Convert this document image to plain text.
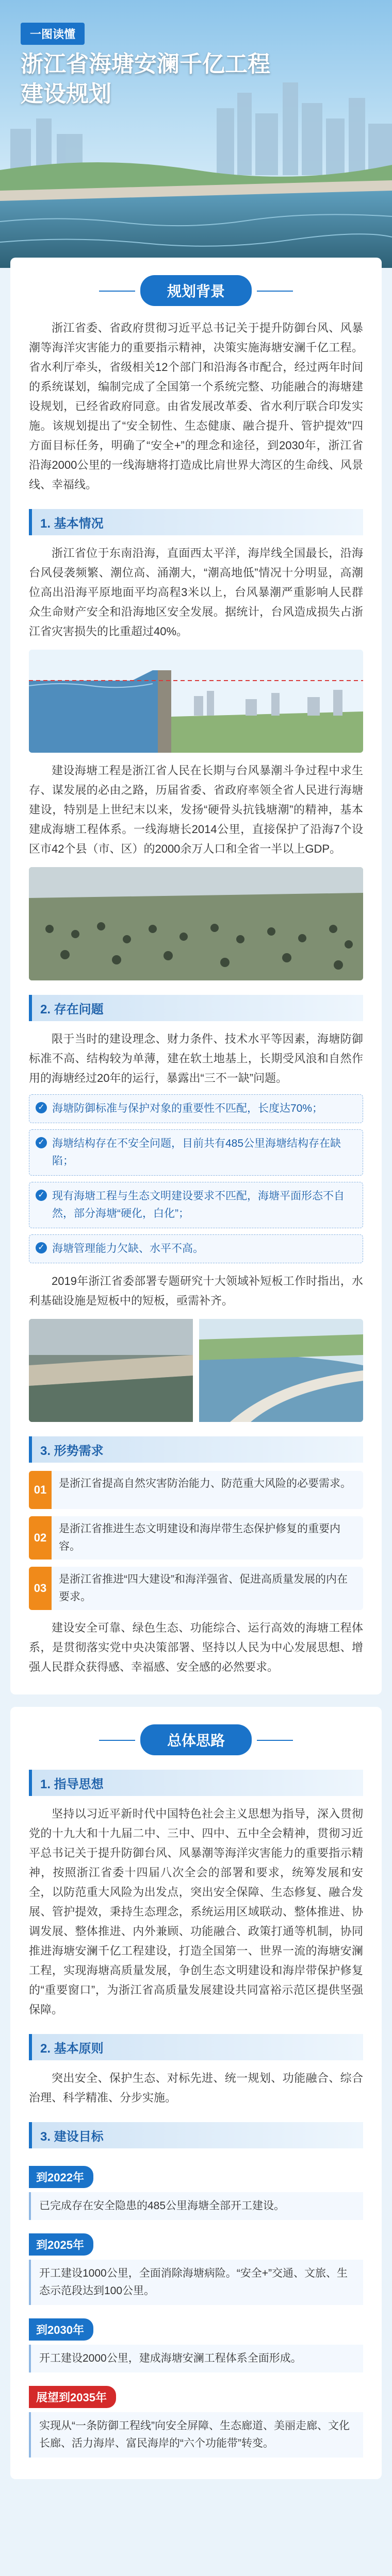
一图读懂
浙江省海塘安澜千亿工程
建设规划
规划背景

浙江省委、省政府贯彻习近平总书记关于提升防御台风、风暴潮等海洋灾害能力的重要指示精神，决策实施海塘安澜千亿工程。省水利厅牵头，省级相关12个部门和沿海各市配合，经过两年时间的系统谋划，编制完成了全国第一个系统完整、功能融合的海塘建设规划，已经省政府同意。由省发展改革委、省水利厅联合印发实施。该规划提出了“安全韧性、生态健康、融合提升、管护提效”四方面目标任务，明确了“安全+”的理念和途径，到2030年，浙江省沿海2000公里的一线海塘将打造成比肩世界大湾区的生命线、风景线、幸福线。

1. 基本情况

浙江省位于东南沿海，直面西太平洋，海岸线全国最长，沿海台风侵袭频繁、潮位高、涌潮大，“潮高地低”情况十分明显，高潮位高出沿海平原地面平均高程3米以上，台风暴潮严重影响人民群众生命财产安全和沿海地区安全发展。据统计，台风造成损失占浙江省灾害损失的比重超过40%。

建设海塘工程是浙江省人民在长期与台风暴潮斗争过程中求生存、谋发展的必由之路，历届省委、省政府率领全省人民进行海塘建设，特别是上世纪末以来，发扬“硬骨头抗钱塘潮”的精神，基本建成海塘工程体系。一线海塘长2014公里，直接保护了沿海7个设区市42个县（市、区）的2000余万人口和全省一半以上GDP。

2. 存在问题

限于当时的建设理念、财力条件、技术水平等因素，海塘防御标准不高、结构较为单薄，建在软土地基上，长期受风浪和自然作用的海塘经过20年的运行，暴露出“三不一缺”问题。

✓ 海塘防御标准与保护对象的重要性不匹配，长度达70%；
✓ 海塘结构存在不安全问题，目前共有485公里海塘结构存在缺陷；
✓ 现有海塘工程与生态文明建设要求不匹配，海塘平面形态不自然，部分海塘“硬化，白化”；
✓ 海塘管理能力欠缺、水平不高。

2019年浙江省委部署专题研究十大领域补短板工作时指出，水利基础设施是短板中的短板，亟需补齐。

3. 形势需求
01	是浙江省提高自然灾害防治能力、防范重大风险的必要需求。
02
是浙江省推进生态文明建设和海岸带生态保护修复的重要内容。
03
是浙江省推进“四大建设”和海洋强省、促进高质量发展的内在要求。

建设安全可靠、绿色生态、功能综合、运行高效的海塘工程体系，是贯彻落实党中央决策部署、坚持以人民为中心发展思想、增强人民群众获得感、幸福感、安全感的必然要求。

总体思路
1. 指导思想

坚持以习近平新时代中国特色社会主义思想为指导，深入贯彻党的十九大和十九届二中、三中、四中、五中全会精神，贯彻习近平总书记关于提升防御台风、风暴潮等海洋灾害能力的重要指示精神，按照浙江省委十四届八次全会的部署和要求，统筹发展和安全，以防范重大风险为出发点，突出安全保障、生态修复、融合发展、管护提效，秉持生态理念，系统运用区域联动、整体推进、协调发展、整体推进、内外兼顾、功能融合、政策打通等机制，协同推进海塘安澜千亿工程建设，打造全国第一、世界一流的海塘安澜工程，实现海塘高质量发展，争创生态文明建设和海岸带保护修复的“重要窗口”，为浙江省高质量发展建设共同富裕示范区提供坚强保障。

2. 基本原则

突出安全、保护生态、对标先进、统一规划、功能融合、综合治理、科学精准、分步实施。

3. 建设目标
到2022年
已完成存在安全隐患的485公里海塘全部开工建设。
到2025年
开工建设1000公里，全面消除海塘病险。“安全+”交通、文旅、生态示范段达到100公里。
到2030年
开工建设2000公里，建成海塘安澜工程体系全面形成。
展望到2035年
实现从“一条防御工程线”向安全屏障、生态廊道、美丽走廊、文化长廊、活力海岸、富民海岸的“六个功能带”转变。
